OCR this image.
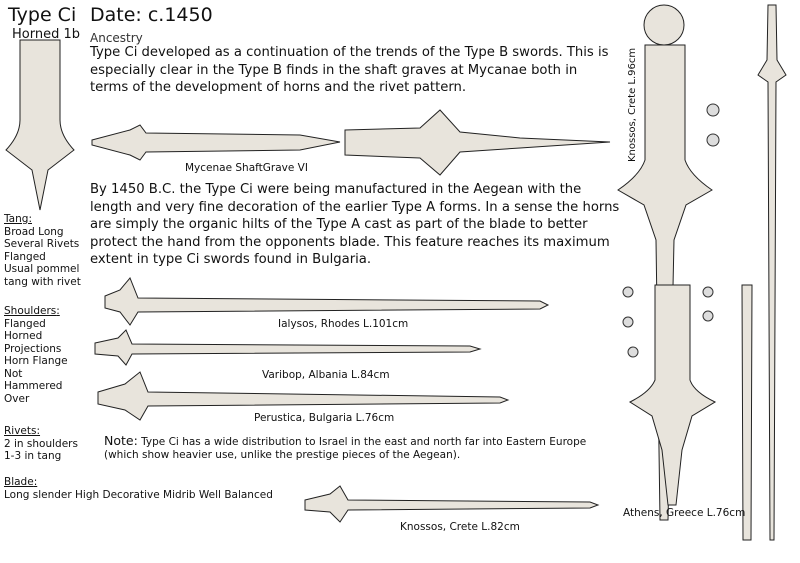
Type Ci
Horned 1b
Date: c.1450
Ancestry
Type Ci developed as a continuation of the trends of the Type B swords. This is especially clear in the Type B finds in the shaft graves at Mycanae both in terms of the development of horns and the rivet pattern.
By 1450 B.C. the Type Ci were being manufactured in the Aegean with the length and very fine decoration of the earlier Type A forms. In a sense the horns are simply the organic hilts of the Type A cast as part of the blade to better protect the hand from the opponents blade. This feature reaches its maximum extent in type Ci swords found in Bulgaria.
Mycenae ShaftGrave VI
Ialysos, Rhodes L.101cm
Varibop, Albania L.84cm
Perustica, Bulgaria L.76cm
Knossos, Crete L.82cm
Athens, Greece L.76cm
Knossos, Crete L.96cm
Tang:
Broad Long
Several Rivets
Flanged
Usual pommel
tang with rivet
Shoulders:
Flanged
Horned
Projections
Horn Flange
Not
Hammered
Over
Rivets:
2 in shoulders
1-3 in tang
Blade:
Long slender High Decorative Midrib Well Balanced
Note: Type Ci has a wide distribution to Israel in the east and north far into Eastern Europe (which show heavier use, unlike the prestige pieces of the Aegean).
